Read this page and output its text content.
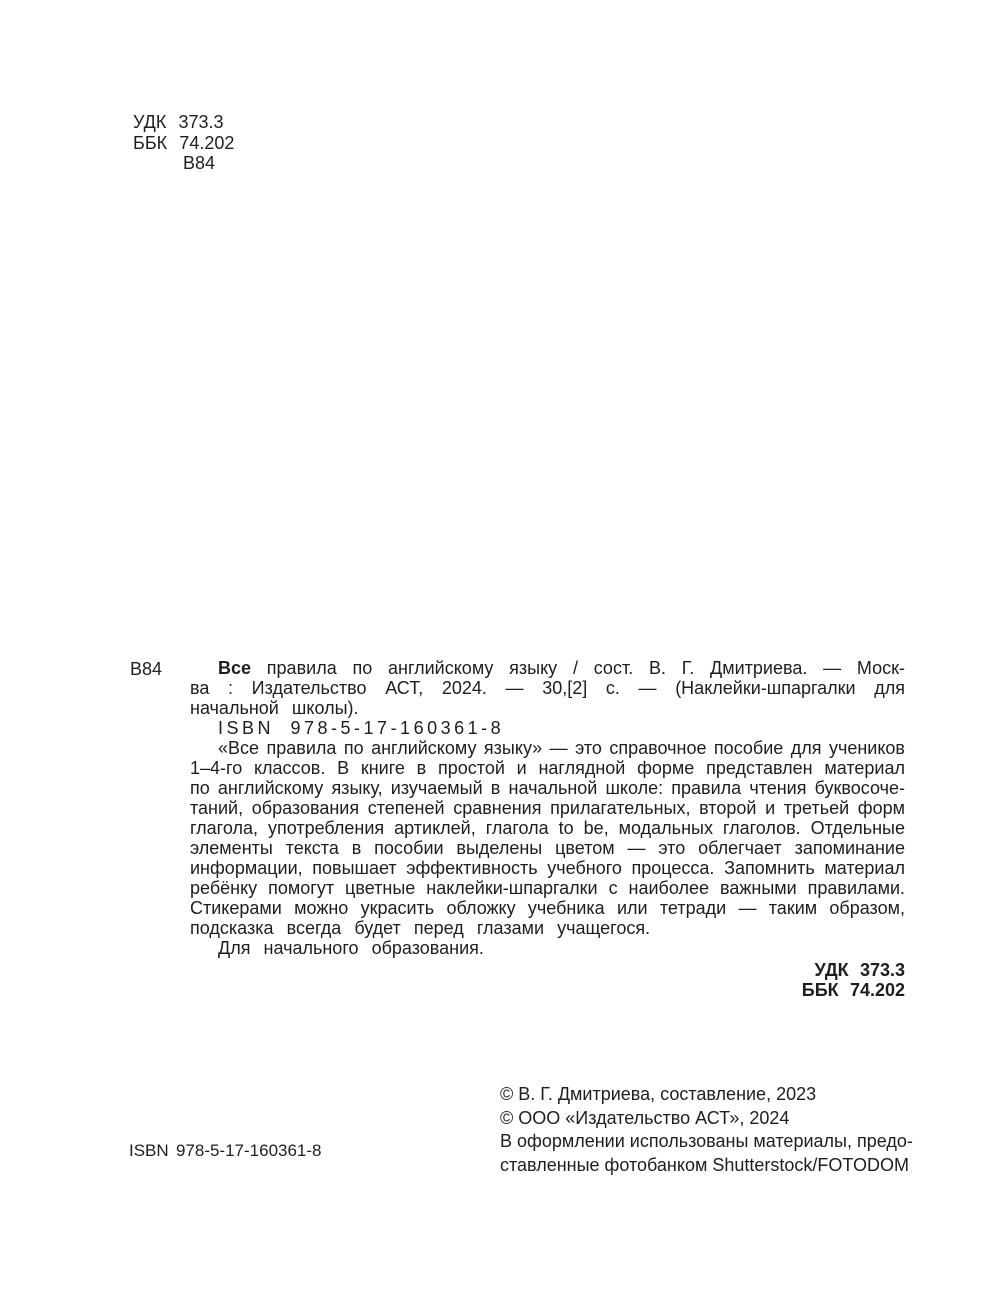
УДК 373.3
ББК 74.202
В84
В84	Все правила по английскому языку / сост. В. Г. Дмитриева. — Моск-
ва : Издательство АСТ, 2024. — 30,[2] с. — (Наклейки-шпаргалки для
начальной школы).
ISBN 978-5-17-160361-8
«Все правила по английскому языку» — это справочное пособие для учеников
1–4-го классов. В книге в простой и наглядной форме представлен материал
по английскому языку, изучаемый в начальной школе: правила чтения буквосоче-
таний, образования степеней сравнения прилагательных, второй и третьей форм
глагола, употребления артиклей, глагола to be, модальных глаголов. Отдельные
элементы текста в пособии выделены цветом — это облегчает запоминание
информации, повышает эффективность учебного процесса. Запомнить материал
ребёнку помогут цветные наклейки-шпаргалки с наиболее важными правилами.
Стикерами можно украсить обложку учебника или тетради — таким образом,
подсказка всегда будет перед глазами учащегося.
Для начального образования.
УДК 373.3
ББК 74.202
ISBN 978-5-17-160361-8
© В. Г. Дмитриева, составление, 2023
© ООО «Издательство АСТ», 2024
В оформлении использованы материалы, предо-
ставленные фотобанком Shutterstock/FOTODOM
